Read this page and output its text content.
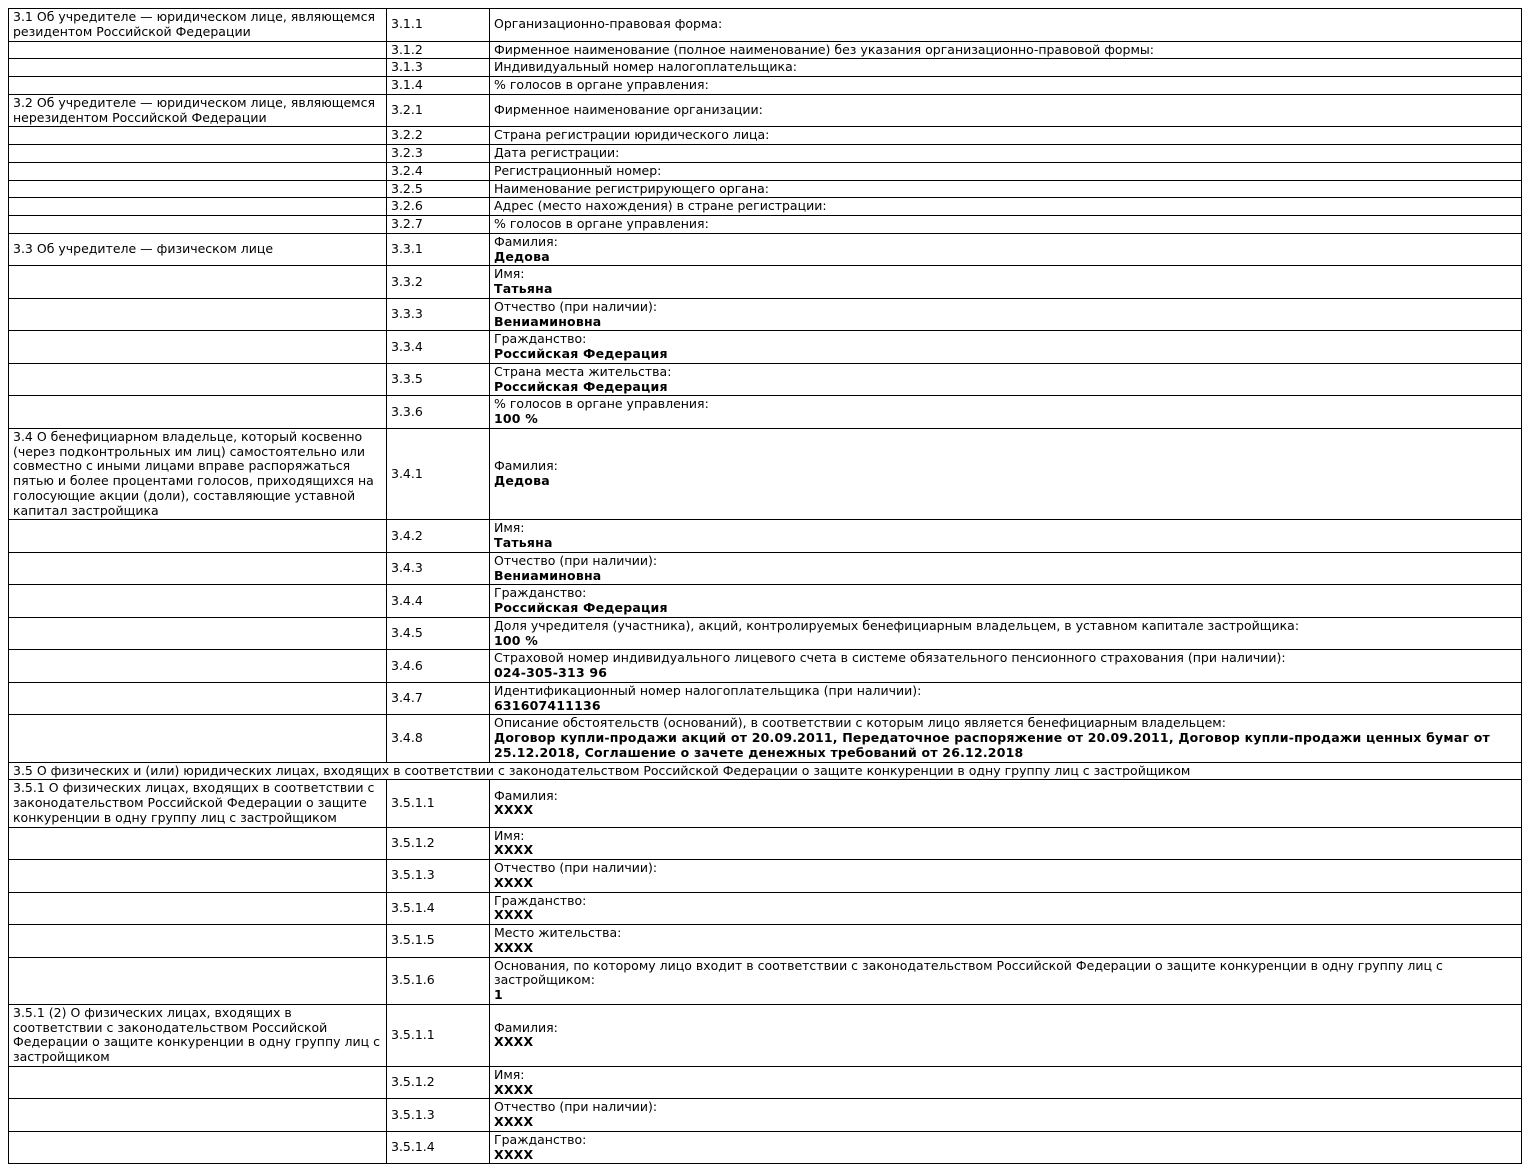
3.1 Об учредителе — юридическом лице, являющемся резидентом Российской Федерации	3.1.1	Организационно-правовая форма:

	3.1.2	Фирменное наименование (полное наименование) без указания организационно-правовой формы:

	3.1.3	Индивидуальный номер налогоплательщика:

	3.1.4	% голосов в органе управления:

3.2 Об учредителе — юридическом лице, являющемся нерезидентом Российской Федерации	3.2.1	Фирменное наименование организации:

	3.2.2	Страна регистрации юридического лица:

	3.2.3	Дата регистрации:

	3.2.4	Регистрационный номер:

	3.2.5	Наименование регистрирующего органа:

	3.2.6	Адрес (место нахождения) в стране регистрации:

	3.2.7	% голосов в органе управления:

3.3 Об учредителе — физическом лице	3.3.1	Фамилия:
Дедова

	3.3.2	Имя:
Татьяна

	3.3.3	Отчество (при наличии):
Вениаминовна

	3.3.4	Гражданство:
Российская Федерация

	3.3.5	Страна места жительства:
Российская Федерация

	3.3.6	% голосов в органе управления:
100 %

3.4 О бенефициарном владельце, который косвенно (через подконтрольных им лиц) самостоятельно или совместно с иными лицами вправе распоряжаться пятью и более процентами голосов, приходящихся на голосующие акции (доли), составляющие уставной капитал застройщика	3.4.1	Фамилия:
Дедова

	3.4.2	Имя:
Татьяна

	3.4.3	Отчество (при наличии):
Вениаминовна

	3.4.4	Гражданство:
Российская Федерация

	3.4.5	Доля учредителя (участника), акций, контролируемых бенефициарным владельцем, в уставном капитале застройщика:
100 %

	3.4.6	Страховой номер индивидуального лицевого счета в системе обязательного пенсионного страхования (при наличии):
024-305-313 96

	3.4.7	Идентификационный номер налогоплательщика (при наличии):
631607411136

	3.4.8	Описание обстоятельств (оснований), в соответствии с которым лицо является бенефициарным владельцем:
Договор купли-продажи акций от 20.09.2011, Передаточное распоряжение от 20.09.2011, Договор купли-продажи ценных бумаг от 25.12.2018, Соглашение о зачете денежных требований от 26.12.2018

3.5 О физических и (или) юридических лицах, входящих в соответствии с законодательством Российской Федерации о защите конкуренции в одну группу лиц с застройщиком		
3.5.1 О физических лицах, входящих в соответствии с законодательством Российской Федерации о защите конкуренции в одну группу лиц с застройщиком	3.5.1.1	Фамилия:
XXXX

	3.5.1.2	Имя:
XXXX

	3.5.1.3	Отчество (при наличии):
XXXX

	3.5.1.4	Гражданство:
XXXX

	3.5.1.5	Место жительства:
XXXX

	3.5.1.6	Основания, по которому лицо входит в соответствии с законодательством Российской Федерации о защите конкуренции в одну группу лиц с застройщиком:
1

3.5.1 (2) О физических лицах, входящих в соответствии с законодательством Российской Федерации о защите конкуренции в одну группу лиц с застройщиком	3.5.1.1	Фамилия:
XXXX

	3.5.1.2	Имя:
XXXX

	3.5.1.3	Отчество (при наличии):
XXXX

	3.5.1.4	Гражданство:
XXXX
